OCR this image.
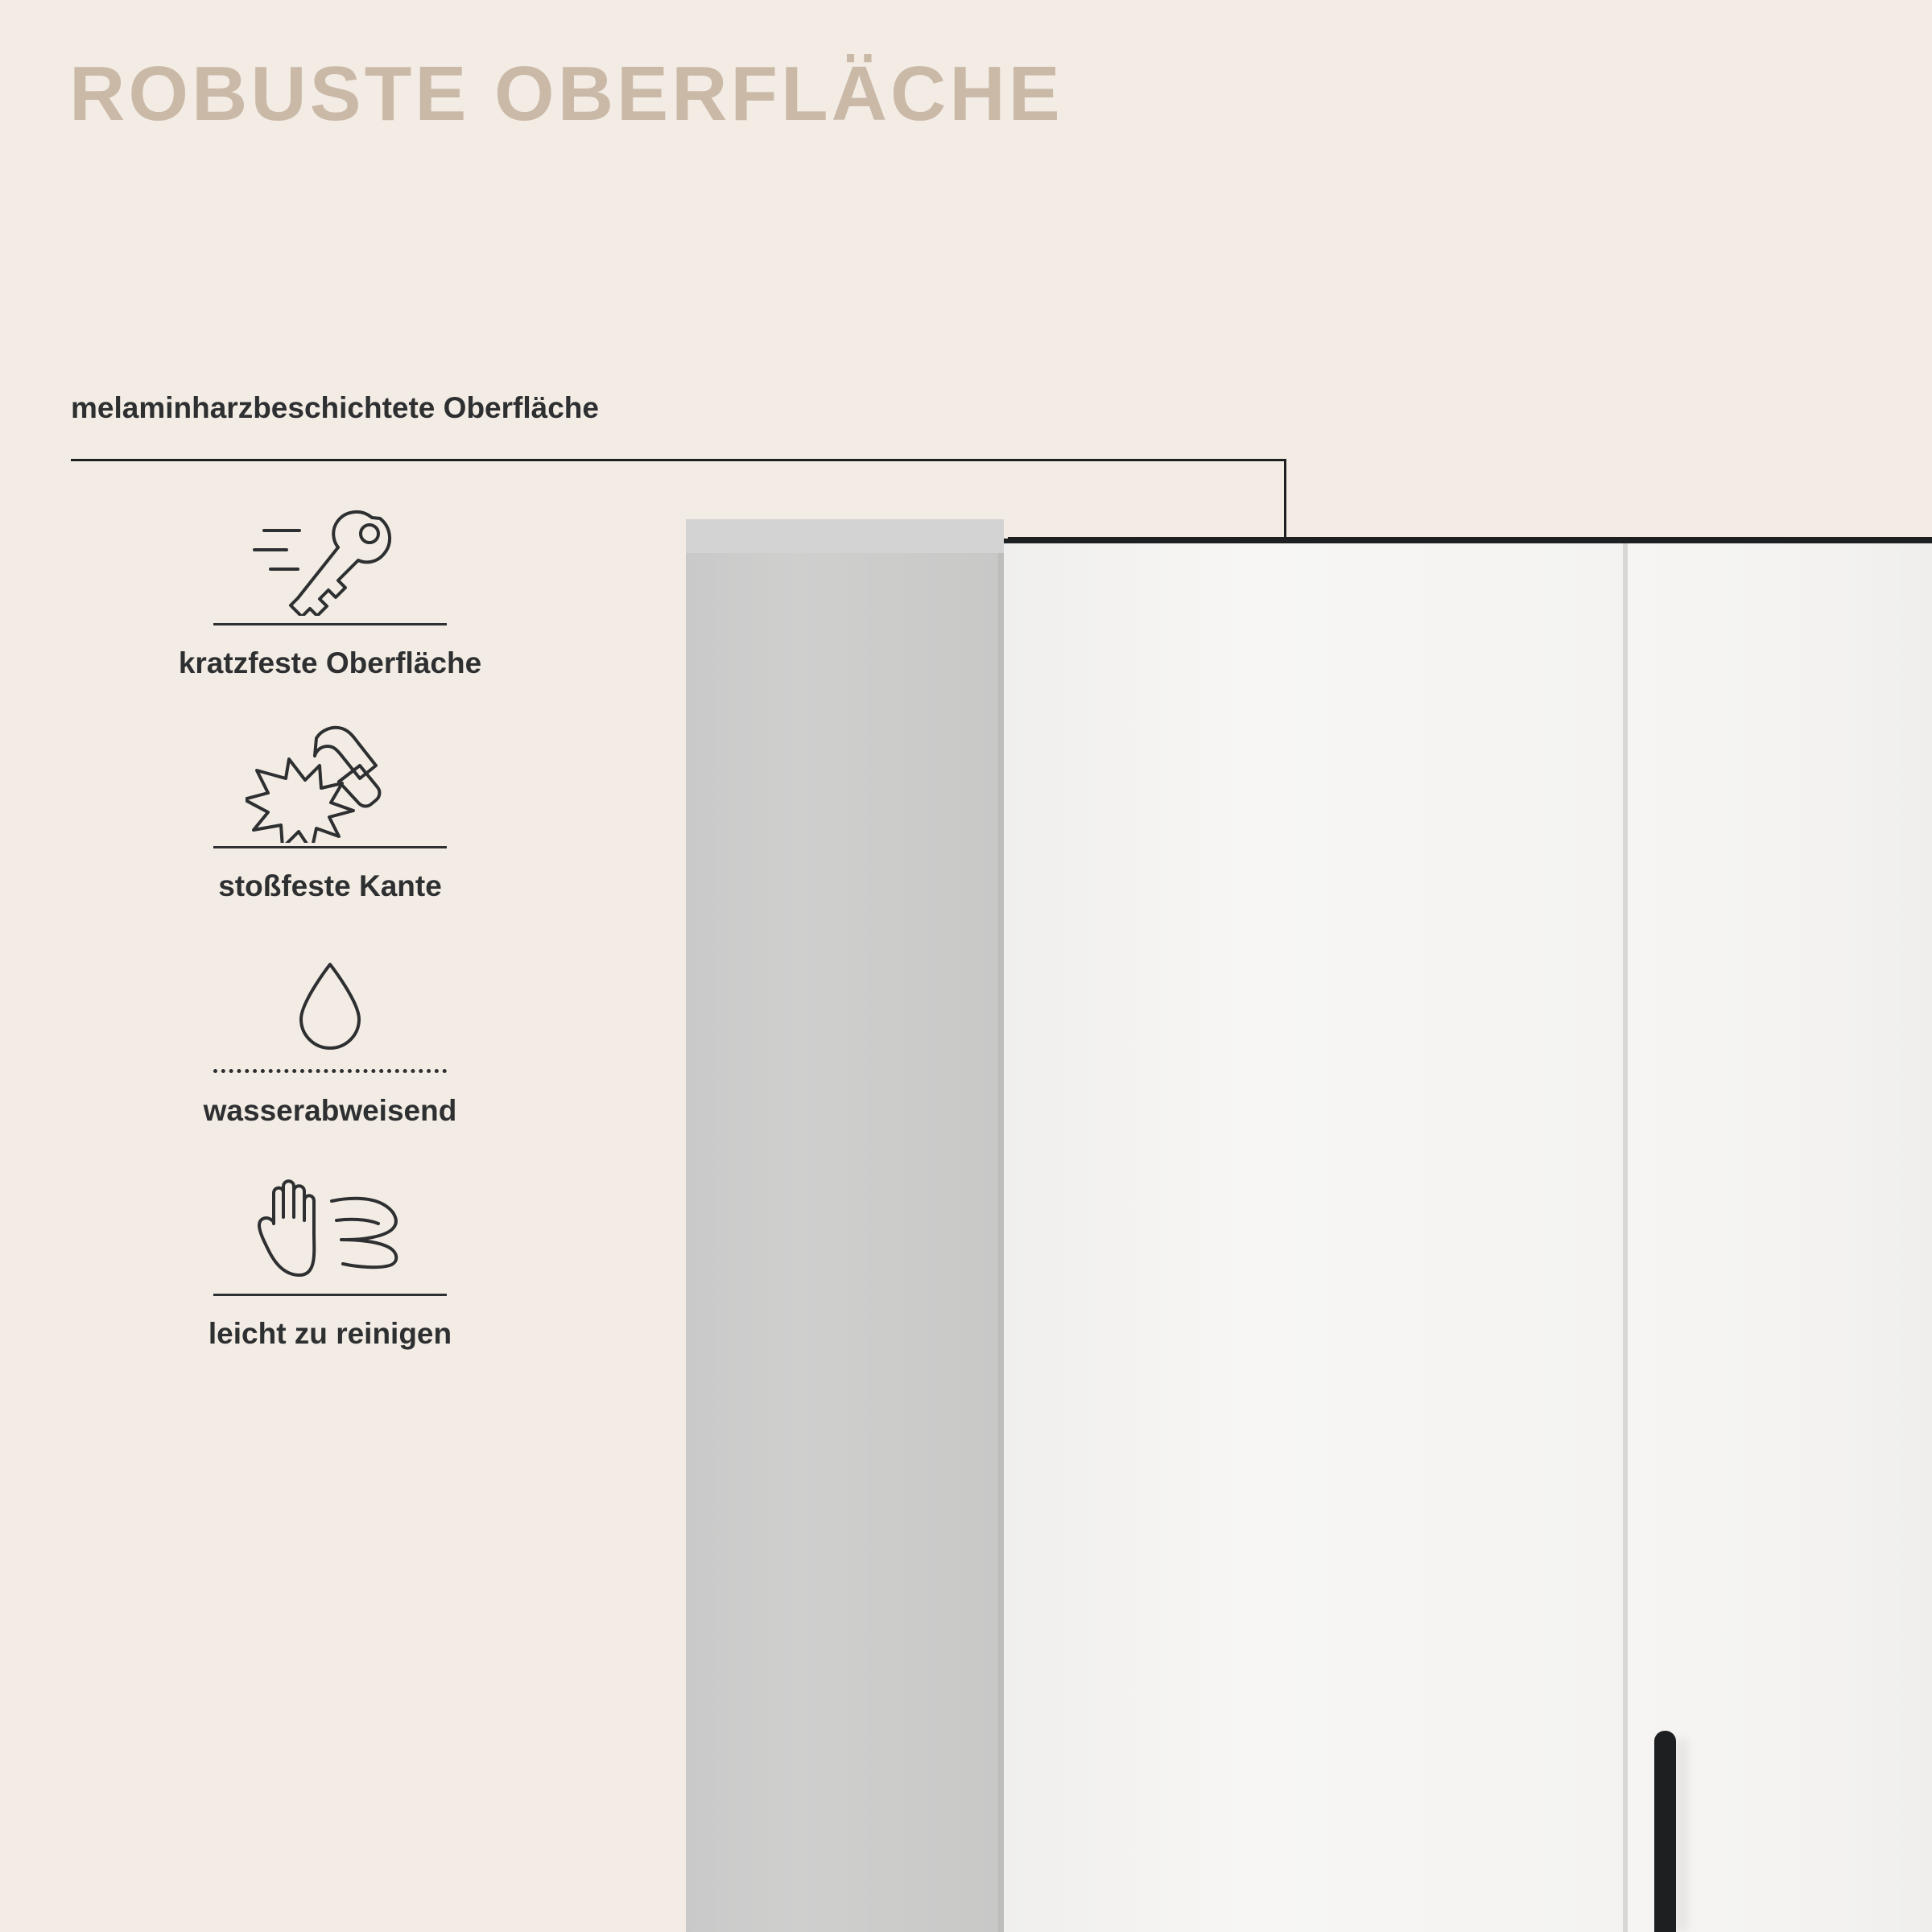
ROBUSTE OBERFLÄCHE
melaminharzbeschichtete Oberfläche
kratzfeste Oberfläche
stoßfeste Kante
wasserabweisend
leicht zu reinigen
